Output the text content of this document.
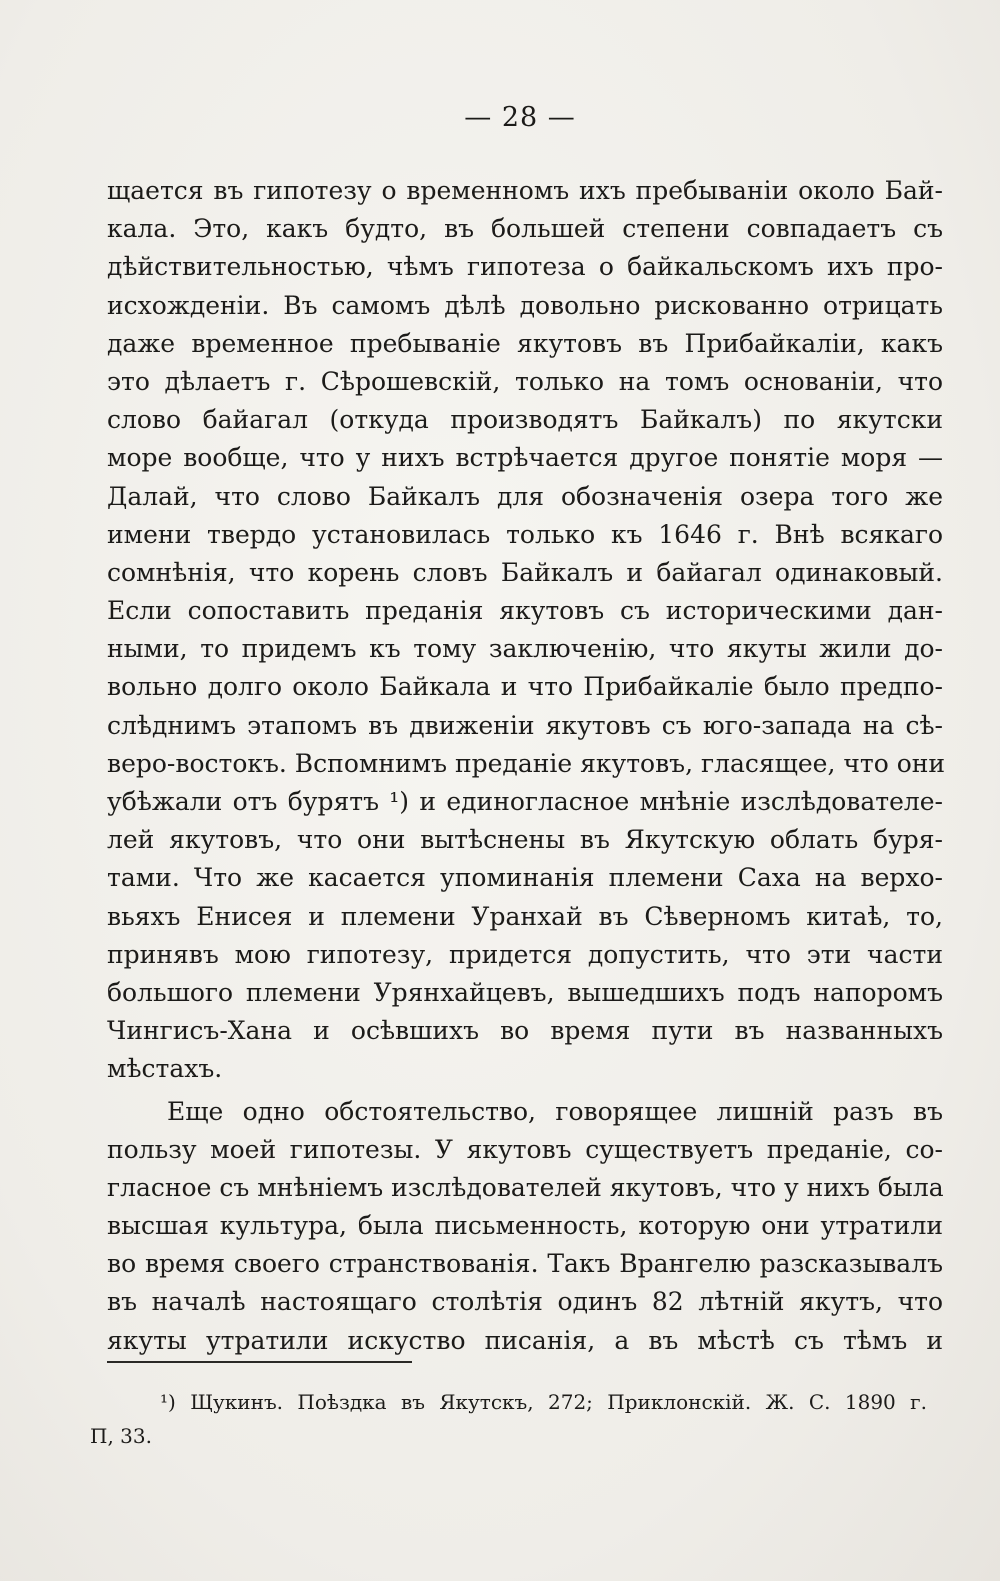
— 28 —
щается въ гипотезу о временномъ ихъ пребываніи около Бай-
кала. Это, какъ будто, въ большей степени совпадаетъ съ
дѣйствительностью, чѣмъ гипотеза о байкальскомъ ихъ про-
исхожденіи. Въ самомъ дѣлѣ довольно рискованно отрицать
даже временное пребываніе якутовъ въ Прибайкаліи, какъ
это дѣлаетъ г. Сѣрошевскій, только на томъ основаніи, что
слово байагал (откуда производятъ Байкалъ) по якутски
море вообще, что у нихъ встрѣчается другое понятіе моря —
Далай, что слово Байкалъ для обозначенія озера того же
имени твердо установилась только къ 1646 г. Внѣ всякаго
сомнѣнія, что корень словъ Байкалъ и байагал одинаковый.
Если сопоставить преданія якутовъ съ историческими дан-
ными, то придемъ къ тому заключенію, что якуты жили до-
вольно долго около Байкала и что Прибайкаліе было предпо-
слѣднимъ этапомъ въ движеніи якутовъ съ юго-запада на сѣ-
веро-востокъ. Вспомнимъ преданіе якутовъ, гласящее, что они
убѣжали отъ бурятъ ¹) и единогласное мнѣніе изслѣдователе-
лей якутовъ, что они вытѣснены въ Якутскую облать буря-
тами. Что же касается упоминанія племени Саха на верхо-
вьяхъ Енисея и племени Уранхай въ Сѣверномъ китаѣ, то,
принявъ мою гипотезу, придется допустить, что эти части
большого племени Урянхайцевъ, вышедшихъ подъ напоромъ
Чингисъ-Хана и осѣвшихъ во время пути въ названныхъ
мѣстахъ.
Еще одно обстоятельство, говорящее лишній разъ въ
пользу моей гипотезы. У якутовъ существуетъ преданіе, со-
гласное съ мнѣніемъ изслѣдователей якутовъ, что у нихъ была
высшая культура, была письменность, которую они утратили
во время своего странствованія. Такъ Врангелю разсказывалъ
въ началѣ настоящаго столѣтія одинъ 82 лѣтній якутъ, что
якуты утратили искуство писанія, а въ мѣстѣ съ тѣмъ и
¹) Щукинъ. Поѣздка въ Якутскъ, 272; Приклонскій. Ж. С. 1890 г.
П, 33.
